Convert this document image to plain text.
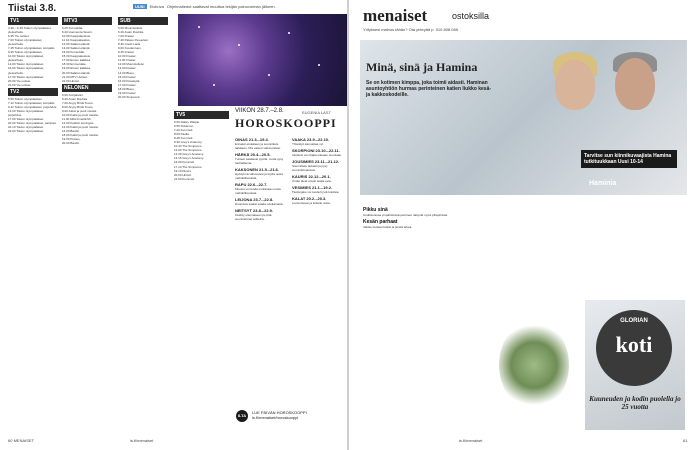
Tiistai 3.8.	UUSI	Elokuva Ohjelmatiedot saattavat muuttua tekijän painovoiman jälkeen.
TV1
4.30 – 6.35 Tokion olympialaiset, yleisurheilu.
6.35 Yle uutiset.
7.00 Tokion olympialaiset, yleisurheilu.
7.45 Tokion olympialaiset, koripallo.
9.45 Tokion olympialaiset.
10.00 Tokion olympialaiset, yleisurheilu.
12.00 Tokion olympialaiset.
16.00 Tokion olympialaiset, yleisurheilu.
17.30 Tokion olympialaiset.
20.00 Yle uutiset.
21.00 Yle uutiset.
TV2
5.50 Tokion olympialaiset.
7.12 Tokion olympialaiset, koripallo.
9.12 Tokion olympialaiset, purjehdus.
13.00 Tokion olympialaiset, purjehdus.
17.00 Tokion olympialaiset.
20.00 Tokion olympialaiset, painissa.
22.10 Tokion olympialaiset.
23.00 Tokion olympialaiset.
MTV3
6.25 Kumoddat.
6.20 Huomenta Suomi.
10.00 Kauppakeskus.
11.10 Kauppakeskus.
12.00 Salatut elämät.
13.00 Salatut elämät.
15.00 Kumoddat.
15.30 Kauppakeskus.
17.00 Ennen kaikkea.
18.30 Emmerdale.
19.00 Ennen kaikkea.
20.00 Salatut elämät.
21.00 MTV Uutiset.
22.00 Hirviöt.
NELONEN
6.00 Kotipäivän.
6.20 Avain Ruuhka.
7.00 Angry Birds Toons.
8.00 Angry Birds Toons.
9.00 Kaksi ja puoli miestä.
10.00 Kaksi ja puoli miestä.
11.00 Mitä ihmettä Mr.
12.00 Keittiön kuningas.
14.00 Kaksi ja puoli miestä.
16.00 Bandit.
18.00 Kaksi ja puoli miestä.
19.00 Putous.
20.00 Bandit.
SUB
6.00 Muumitolloisi.
6.20 Avain Ruuhka.
7.00 Frasier.
7.40 Palaxo Pesuolavi.
8.30 Cooki Lacis.
9.00 Kuudentuon.
9.45 Frasier.
10.00 Frasier.
11.00 Frasier.
12.00 Muumitolloisi.
13.00 Frasier.
14.00 Bluey.
15.00 Frasier.
16.00 Kissatytöt.
17.00 Frasier.
18.00 Bluey.
19.00 Frasier.
20.00 Simpsonit.
TV5
6.00 Dailey Waipai.
6.55 Pokémon.
7.20 Kummeli.
8.00 Pasila.
8.45 Kummeli.
9.30 Grey's Anatomy.
10.40 The Simpsons.
12.00 The Simpsons.
13.30 Grey's Anatomy.
14.15 Grey's Anatomy.
16.00 Kummeli.
17.10 The Simpsons.
19.10 Diners.
20.00 Hirviöt.
21.00 Kummeli.
VIIKON 28.7.–2.8.	EUGENIA LAST
HOROSKOOPPI
OINAS 21.3.–19.4.
Ennakoi etukäteen ja suunnittele tarkkaan. Ota vastuu valinnoistasi.
HÄRKÄ 20.4.–20.5.
Tunteet saattavat pyöriä, mutta pysy rauhallisena.
KAKSONEN 21.5.–21.6.
Hyödynnä vahvuutesi ja löydä uusia mahdollisuuksia.
RAPU 22.6.–22.7.
Muutos voi tuoda mukanaan uusia mahdollisuuksia.
LEIJONA 23.7.–22.8.
Huomiota saatat saada odottamatta.
NEITSYT 23.8.–22.9.
Keskity olennaiseen ja pidä suunnitelmat selkeinä.
VAAKA 23.9.–22.10.
Yhteistyö kannattaa nyt.
SKORPIONI 23.10.–22.11.
Intuitiosi voi ohjata oikeaan suuntaan.
JOUSIMIES 23.11.–21.12.
Suunnittele tarkasti ja pysy suunnitelmassasi.
KAURIS 22.12.–20.1.
Uudet ideat voivat avata ovia.
VESIMIES 21.1.–19.2.
Tiedonjako voi tuoda hyviä tuloksia.
KALAT 20.2.–20.3.
Luota itseesi ja kokeile uutta.
ILTA
LUE PÄIVÄN HOROSKOOPPI is.fi/menaiset/horoskooppi
60 MENAISET	is.fi/menaiset
menaiset	ostoksilla
Yrityksesi mainos tähän? Ota yhteyttä p. 010 808 085
Minä, sinä ja Hamina
Se on kotimen kimppa, joka toimii aidasti. Haminan asuntoyhtiön hurmas perinteinen katien liukko kesä- ja kakkoskodeille.
Tarvitse sun kiinnikuvaajista Hamina tutkituukkaan Uusi 10-14
Haminia
Pikku sinä
Uudistuvassa ympäristössä perinteet näkyvät myös pihapiirissä.
Kesän parhaat
Valitse tuotteet kotiisi ja piristä arkea.
GLORIAN
koti
Kuuneuden ja kodin puolella jo 25 vuotta
is.fi/menaiset	61
